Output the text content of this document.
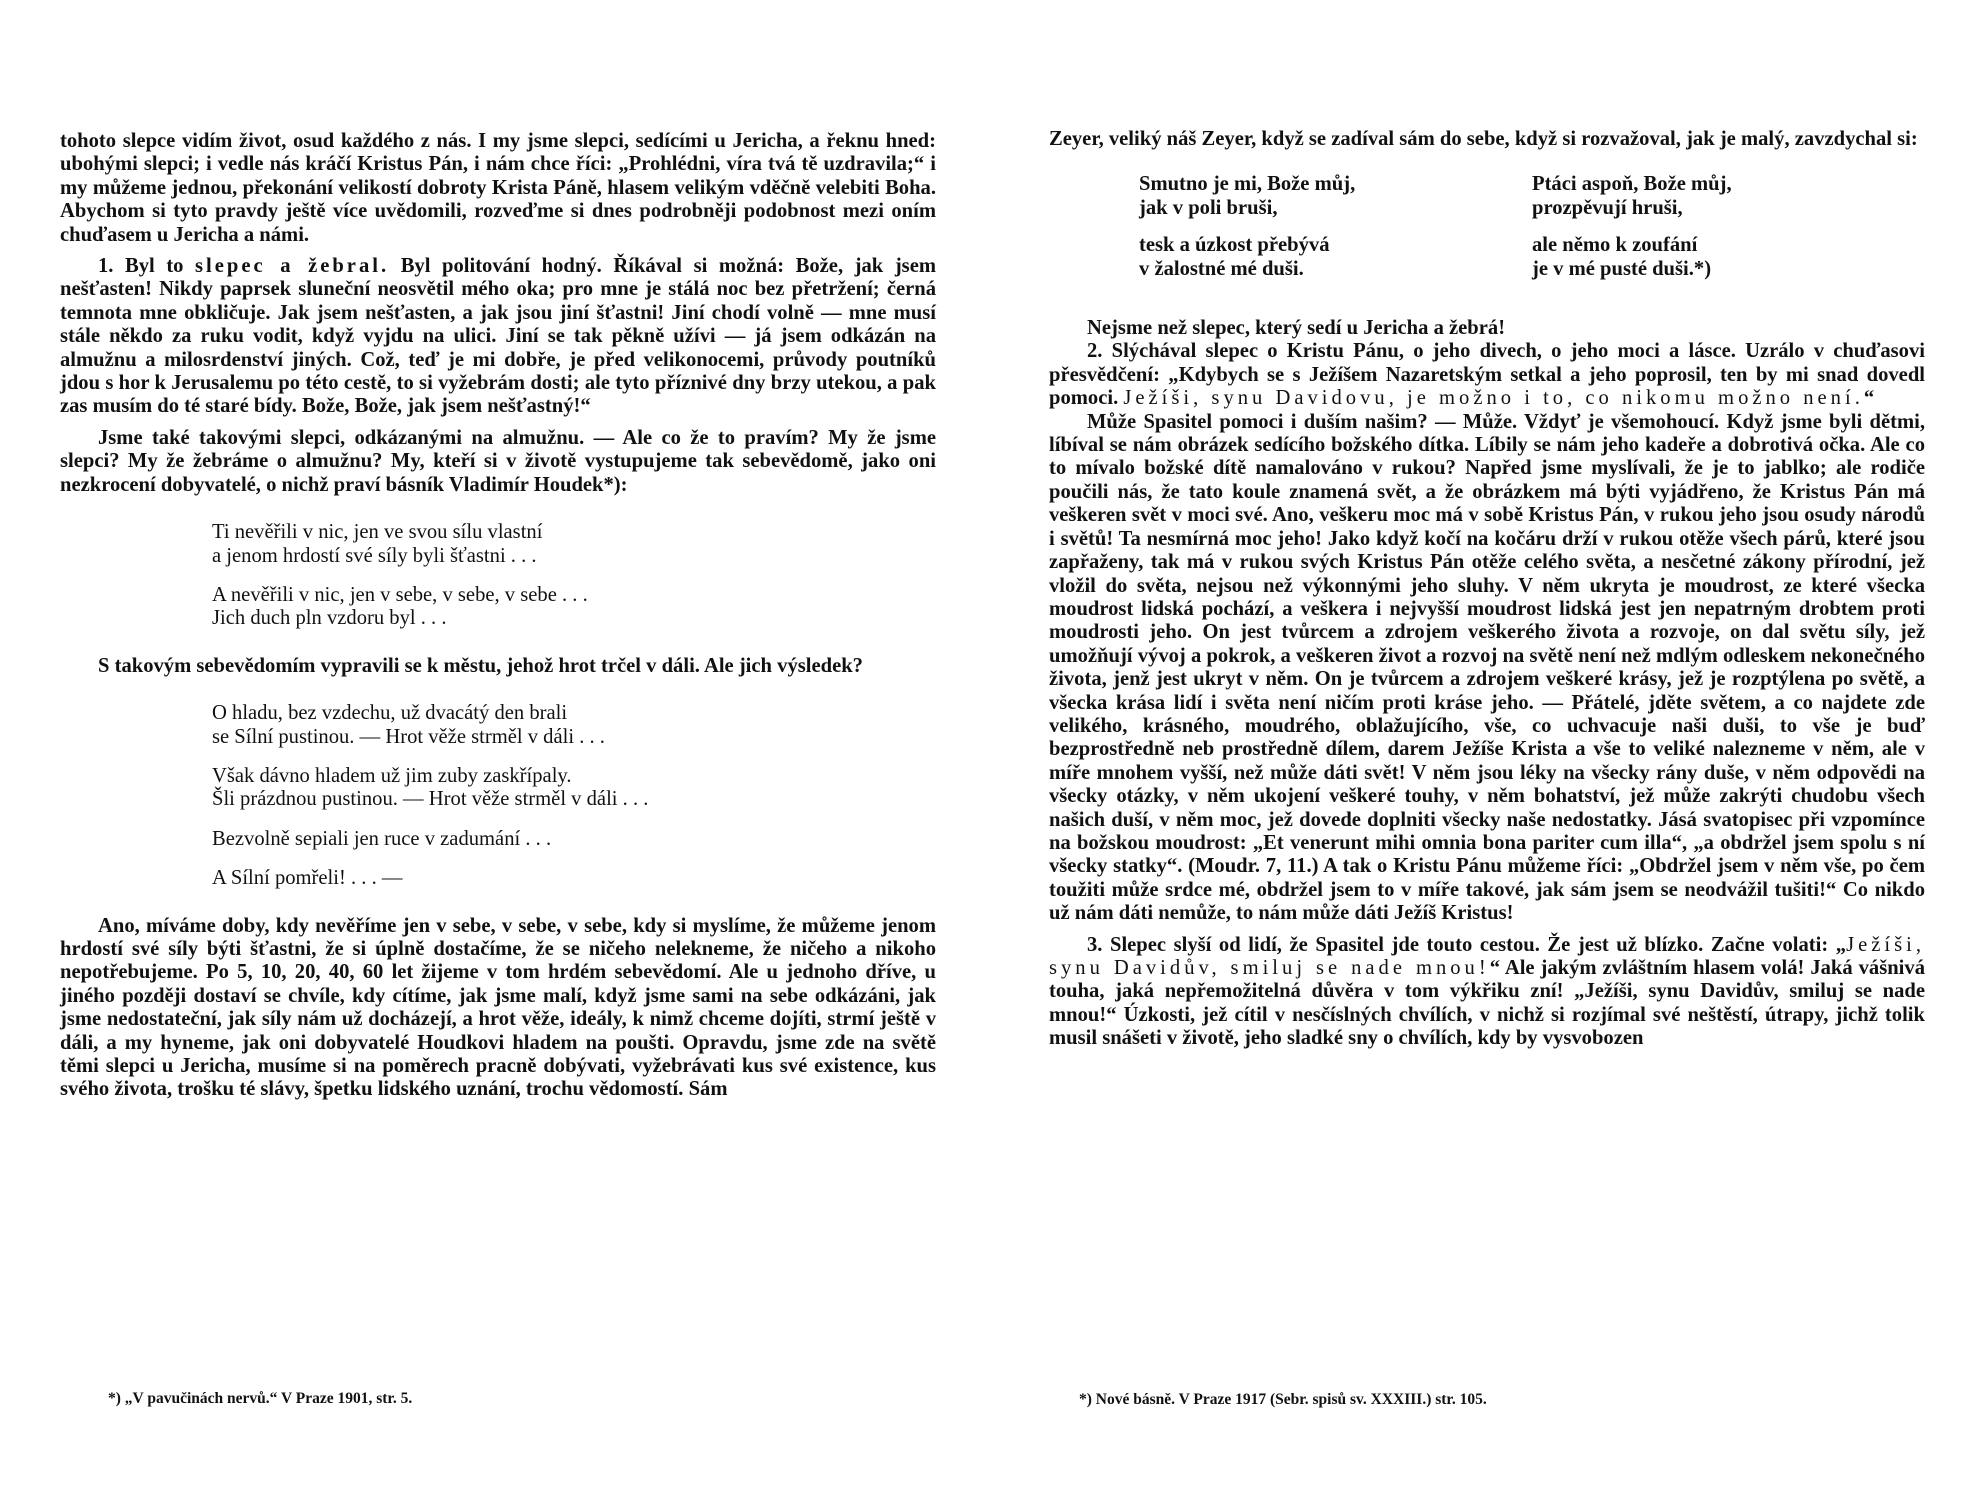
tohoto slepce vidím život, osud každého z nás. I my jsme slepci, sedícími u Jericha, a řeknu hned: ubohými slepci; i vedle nás kráčí Kristus Pán, i nám chce říci: „Prohlédni, víra tvá tě uzdravila;“ i my můžeme jednou, překonání velikostí dobroty Krista Páně, hlasem velikým vděčně velebiti Boha. Abychom si tyto pravdy ještě více uvědomili, rozveďme si dnes podrobněji podobnost mezi oním chuďasem u Jericha a námi.

1. Byl to slepec a žebral. Byl politování hodný. Říkával si možná: Bože, jak jsem nešťasten! Nikdy paprsek sluneční neosvětil mého oka; pro mne je stálá noc bez přetržení; černá temnota mne obkličuje. Jak jsem nešťasten, a jak jsou jiní šťastni! Jiní chodí volně — mne musí stále někdo za ruku vodit, když vyjdu na ulici. Jiní se tak pěkně užívi — já jsem odkázán na almužnu a milosrdenství jiných. Což, teď je mi dobře, je před velikonocemi, průvody poutníků jdou s hor k Jerusalemu po této cestě, to si vyžebrám dosti; ale tyto příznivé dny brzy utekou, a pak zas musím do té staré bídy. Bože, Bože, jak jsem nešťastný!“

Jsme také takovými slepci, odkázanými na almužnu. — Ale co že to pravím? My že jsme slepci? My že žebráme o almužnu? My, kteří si v životě vystupujeme tak sebevědomě, jako oni nezkrocení dobyvatelé, o nichž praví básník Vladimír Houdek*):

Ti nevěřili v nic, jen ve svou sílu vlastní
a jenom hrdostí své síly byli šťastni . . .
A nevěřili v nic, jen v sebe, v sebe, v sebe . . .
Jich duch pln vzdoru byl . . .

S takovým sebevědomím vypravili se k městu, jehož hrot trčel v dáli. Ale jich výsledek?

O hladu, bez vzdechu, už dvacátý den brali
se Sílní pustinou. — Hrot věže strměl v dáli . . .
Však dávno hladem už jim zuby zaskřípaly.
Šli prázdnou pustinou. — Hrot věže strměl v dáli . . .
Bezvolně sepiali jen ruce v zadumání . . .
A Sílní pomřeli! . . . —

Ano, míváme doby, kdy nevěříme jen v sebe, v sebe, v sebe, kdy si myslíme, že můžeme jenom hrdostí své síly býti šťastni, že si úplně dostačíme, že se ničeho nelekneme, že ničeho a nikoho nepotřebujeme. Po 5, 10, 20, 40, 60 let žijeme v tom hrdém sebevědomí. Ale u jednoho dříve, u jiného později dostaví se chvíle, kdy cítíme, jak jsme malí, když jsme sami na sebe odkázáni, jak jsme nedostateční, jak síly nám už docházejí, a hrot věže, ideály, k nimž chceme dojíti, strmí ještě v dáli, a my hyneme, jak oni dobyvatelé Houdkovi hladem na poušti. Opravdu, jsme zde na světě těmi slepci u Jericha, musíme si na poměrech pracně dobývati, vyžebrávati kus své existence, kus svého života, trošku té slávy, špetku lidského uznání, trochu vědomostí. Sám

*) „V pavučinách nervů.“ V Praze 1901, str. 5.

Zeyer, veliký náš Zeyer, když se zadíval sám do sebe, když si rozvažoval, jak je malý, zavzdychal si:

Smutno je mi, Bože můj,
jak v poli bruši,
tesk a úzkost přebývá
v žalostné mé duši.
Ptáci aspoň, Bože můj,
prozpěvují hruši,
ale němo k zoufání
je v mé pusté duši.*)

Nejsme než slepec, který sedí u Jericha a žebrá!

2. Slýchával slepec o Kristu Pánu, o jeho divech, o jeho moci a lásce. Uzrálo v chuďasovi přesvědčení: „Kdybych se s Ježíšem Nazaretským setkal a jeho poprosil, ten by mi snad dovedl pomoci. Ježíši, synu Davidovu, je možno i to, co nikomu možno není.“

Může Spasitel pomoci i duším našim? — Může. Vždyť je všemohoucí. Když jsme byli dětmi, líbíval se nám obrázek sedícího božského dítka. Líbily se nám jeho kadeře a dobrotivá očka. Ale co to mívalo božské dítě namalováno v rukou? Napřed jsme myslívali, že je to jablko; ale rodiče poučili nás, že tato koule znamená svět, a že obrázkem má býti vyjádřeno, že Kristus Pán má veškeren svět v moci své. Ano, veškeru moc má v sobě Kristus Pán, v rukou jeho jsou osudy národů i světů! Ta nesmírná moc jeho! Jako když kočí na kočáru drží v rukou otěže všech párů, které jsou zapřaženy, tak má v rukou svých Kristus Pán otěže celého světa, a nesčetné zákony přírodní, jež vložil do světa, nejsou než výkonnými jeho sluhy. V něm ukryta je moudrost, ze které všecka moudrost lidská pochází, a veškera i nejvyšší moudrost lidská jest jen nepatrným drobtem proti moudrosti jeho. On jest tvůrcem a zdrojem veškerého života a rozvoje, on dal světu síly, jež umožňují vývoj a pokrok, a veškeren život a rozvoj na světě není než mdlým odleskem nekonečného života, jenž jest ukryt v něm. On je tvůrcem a zdrojem veškeré krásy, jež je rozptýlena po světě, a všecka krása lidí i světa není ničím proti kráse jeho. — Přátelé, jděte světem, a co najdete zde velikého, krásného, moudrého, oblažujícího, vše, co uchvacuje naši duši, to vše je buď bezprostředně neb prostředně dílem, darem Ježíše Krista a vše to veliké nalezneme v něm, ale v míře mnohem vyšší, než může dáti svět! V něm jsou léky na všecky rány duše, v něm odpovědi na všecky otázky, v něm ukojení veškeré touhy, v něm bohatství, jež může zakrýti chudobu všech našich duší, v něm moc, jež dovede doplniti všecky naše nedostatky. Jásá svatopisec při vzpomínce na božskou moudrost: „Et venerunt mihi omnia bona pariter cum illa“, „a obdržel jsem spolu s ní všecky statky“. (Moudr. 7, 11.) A tak o Kristu Pánu můžeme říci: „Obdržel jsem v něm vše, po čem toužiti může srdce mé, obdržel jsem to v míře takové, jak sám jsem se neodvážil tušiti!“ Co nikdo už nám dáti nemůže, to nám může dáti Ježíš Kristus!

3. Slepec slyší od lidí, že Spasitel jde touto cestou. Že jest už blízko. Začne volati: „Ježíši, synu Davidův, smiluj se nade mnou!“ Ale jakým zvláštním hlasem volá! Jaká vášnivá touha, jaká nepřemožitelná důvěra v tom výkřiku zní! „Ježíši, synu Davidův, smiluj se nade mnou!“ Úzkosti, jež cítil v nesčíslných chvílích, v nichž si rozjímal své neštěstí, útrapy, jichž tolik musil snášeti v životě, jeho sladké sny o chvílích, kdy by vysvobozen

*) Nové básně. V Praze 1917 (Sebr. spisů sv. XXXIII.) str. 105.
